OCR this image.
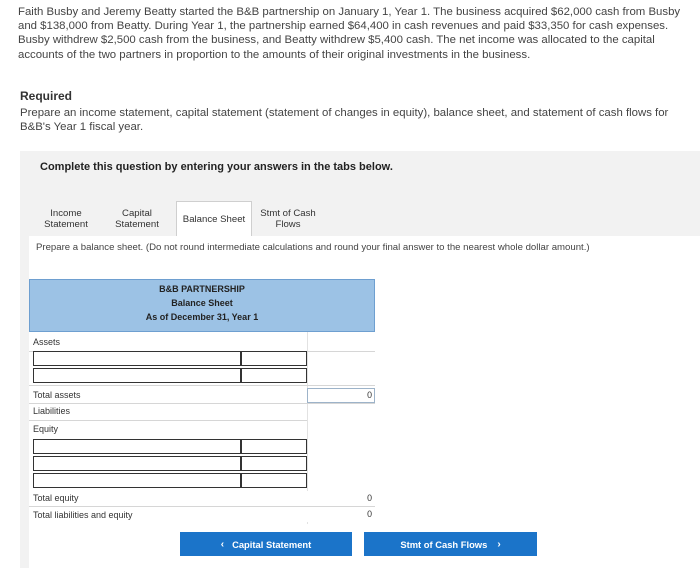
Faith Busby and Jeremy Beatty started the B&B partnership on January 1, Year 1. The business acquired $62,000 cash from Busby and $138,000 from Beatty. During Year 1, the partnership earned $64,400 in cash revenues and paid $33,350 for cash expenses. Busby withdrew $2,500 cash from the business, and Beatty withdrew $5,400 cash. The net income was allocated to the capital accounts of the two partners in proportion to the amounts of their original investments in the business.
Required
Prepare an income statement, capital statement (statement of changes in equity), balance sheet, and statement of cash flows for B&B's Year 1 fiscal year.
Complete this question by entering your answers in the tabs below.
Income
Statement
Capital
Statement Balance Sheet
Stmt of Cash
Flows
Prepare a balance sheet. (Do not round intermediate calculations and round your final answer to the nearest whole dollar amount.)
B&B PARTNERSHIP
Balance Sheet
As of December 31, Year 1
Assets
Total assets	0
Liabilities
Equity
Total equity	0
Total liabilities and equity	0
‹ Capital Statement	Stmt of Cash Flows ›
